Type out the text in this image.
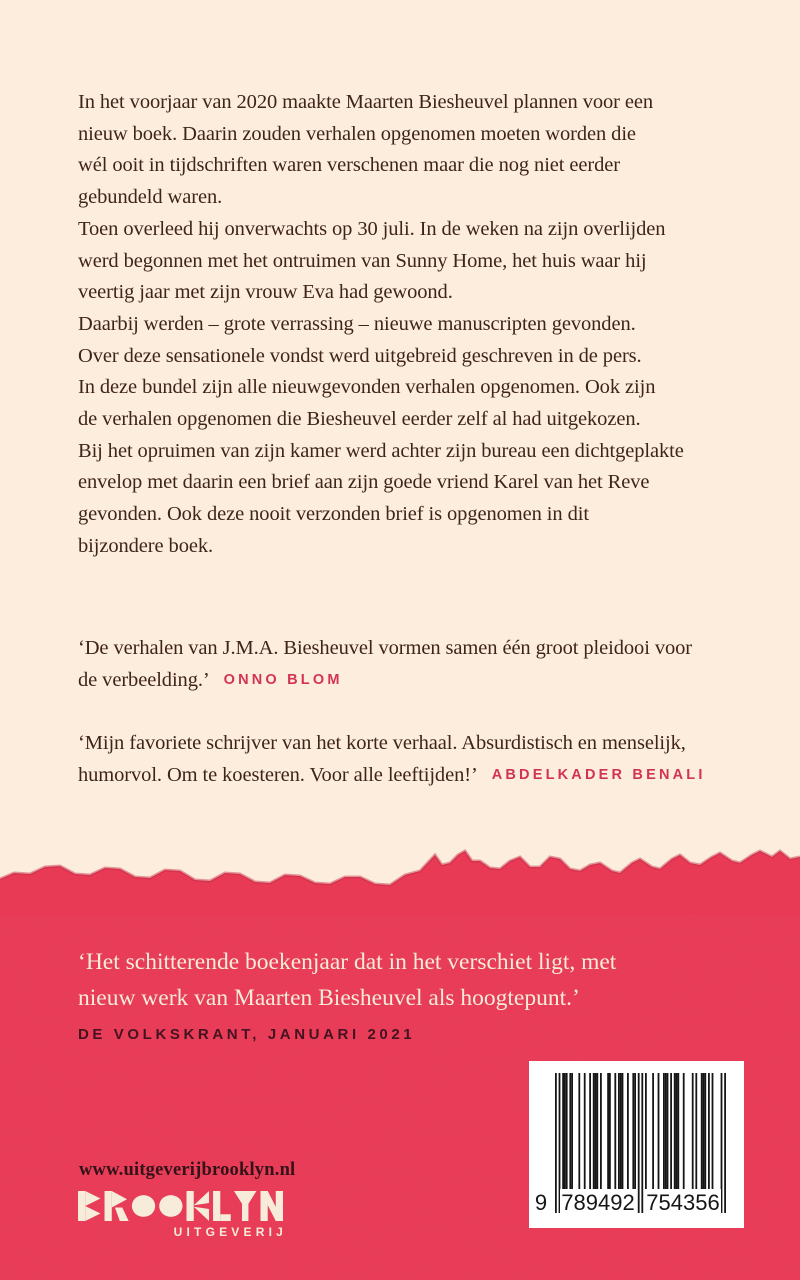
In het voorjaar van 2020 maakte Maarten Biesheuvel plannen voor een
nieuw boek. Daarin zouden verhalen opgenomen moeten worden die
wél ooit in tijdschriften waren verschenen maar die nog niet eerder
gebundeld waren.
Toen overleed hij onverwachts op 30 juli. In de weken na zijn overlijden
werd begonnen met het ontruimen van Sunny Home, het huis waar hij
veertig jaar met zijn vrouw Eva had gewoond.
Daarbij werden – grote verrassing – nieuwe manuscripten gevonden.
Over deze sensationele vondst werd uitgebreid geschreven in de pers.
In deze bundel zijn alle nieuwgevonden verhalen opgenomen. Ook zijn
de verhalen opgenomen die Biesheuvel eerder zelf al had uitgekozen.
Bij het opruimen van zijn kamer werd achter zijn bureau een dichtgeplakte
envelop met daarin een brief aan zijn goede vriend Karel van het Reve
gevonden. Ook deze nooit verzonden brief is opgenomen in dit
bijzondere boek.
‘De verhalen van J.M.A. Biesheuvel vormen samen één groot pleidooi voor
de verbeelding.’ ONNO BLOM
‘Mijn favoriete schrijver van het korte verhaal. Absurdistisch en menselijk,
humorvol. Om te koesteren. Voor alle leeftijden!’ ABDELKADER BENALI
‘Het schitterende boekenjaar dat in het verschiet ligt, met
nieuw werk van Maarten Biesheuvel als hoogtepunt.’
DE VOLKSKRANT, JANUARI 2021
www.uitgeverijbrooklyn.nl
UITGEVERIJ
9 789492 754356
